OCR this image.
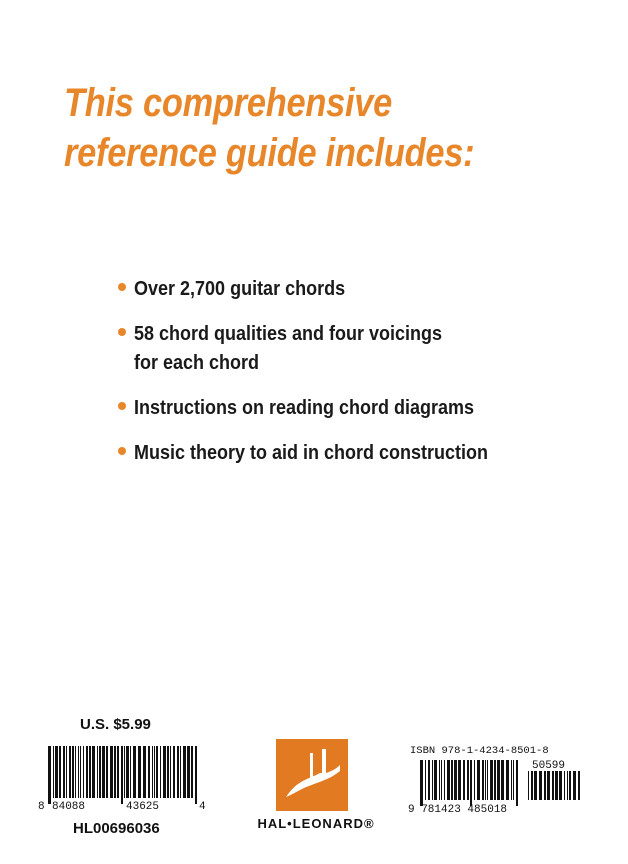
This comprehensive
reference guide includes:
Over 2,700 guitar chords
58 chord qualities and four voicings
for each chord
Instructions on reading chord diagrams
Music theory to aid in chord construction
U.S. $5.99
8 84088	43625	4
HL00696036	HAL•LEONARD®
ISBN 978-1-4234-8501-8
50599
9 781423 485018
